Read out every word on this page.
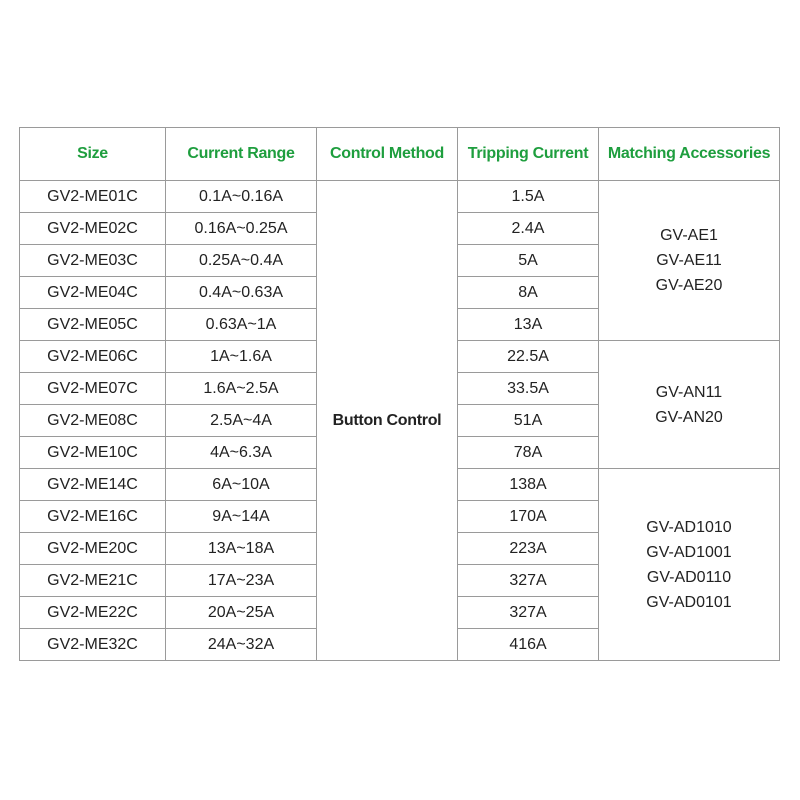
Size	Current Range	Control Method	Tripping Current	Matching Accessories
GV2-ME01C	0.1A~0.16A	Button Control	1.5A	GV-AE1
GV-AE11
GV-AE20

GV2-ME02C	0.16A~0.25A		2.4A	
GV2-ME03C	0.25A~0.4A		5A	
GV2-ME04C	0.4A~0.63A		8A	
GV2-ME05C	0.63A~1A		13A	
GV2-ME06C	1A~1.6A		22.5A	GV-AN11
GV-AN20

GV2-ME07C	1.6A~2.5A		33.5A	
GV2-ME08C	2.5A~4A		51A	
GV2-ME10C	4A~6.3A		78A	
GV2-ME14C	6A~10A		138A	GV-AD1010
GV-AD1001
GV-AD0110
GV-AD0101

GV2-ME16C	9A~14A		170A	
GV2-ME20C	13A~18A		223A	
GV2-ME21C	17A~23A		327A	
GV2-ME22C	20A~25A		327A	
GV2-ME32C	24A~32A		416A	
